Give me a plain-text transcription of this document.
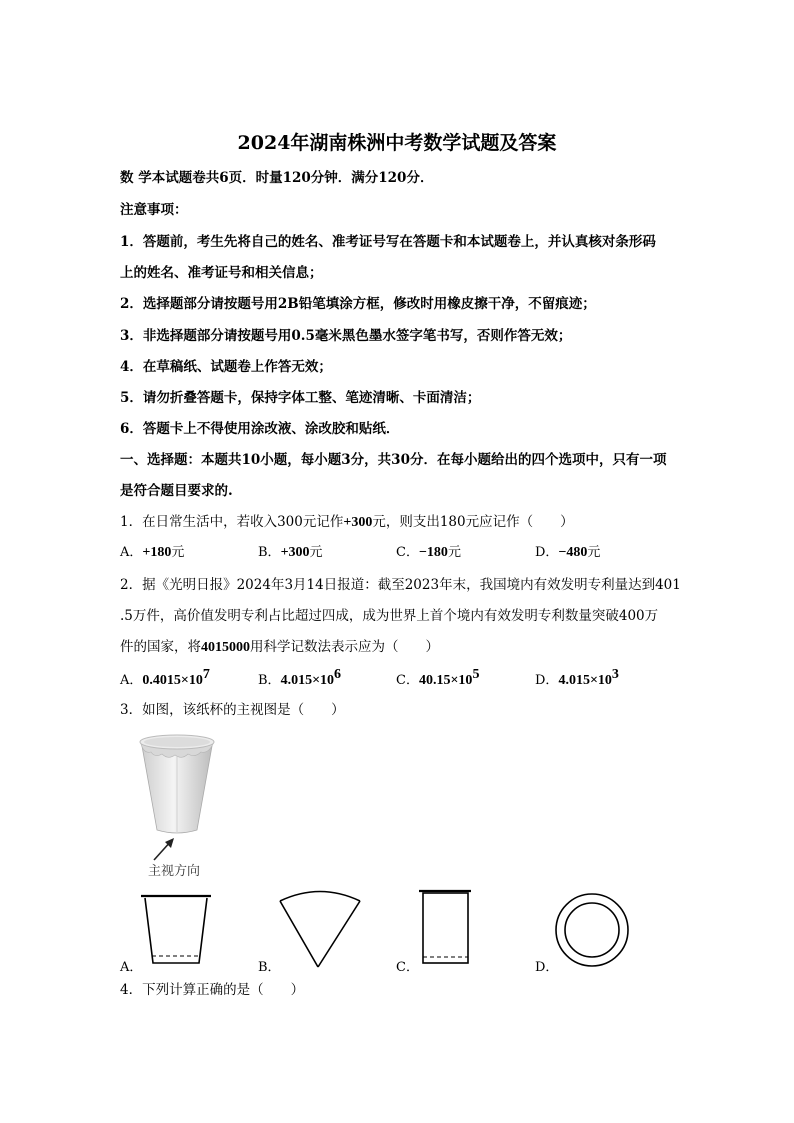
2024年湖南株洲中考数学试题及答案
数 学本试题卷共6页．时量120分钟．满分120分．
注意事项：
1．答题前，考生先将自己的姓名、准考证号写在答题卡和本试题卷上，并认真核对条形码
上的姓名、准考证号和相关信息；
2．选择题部分请按题号用2B铅笔填涂方框，修改时用橡皮擦干净，不留痕迹；
3．非选择题部分请按题号用0.5毫米黑色墨水签字笔书写，否则作答无效；
4．在草稿纸、试题卷上作答无效；
5．请勿折叠答题卡，保持字体工整、笔迹清晰、卡面清洁；
6．答题卡上不得使用涂改液、涂改胶和贴纸．
一、选择题：本题共10小题，每小题3分，共30分．在每小题给出的四个选项中，只有一项
是符合题目要求的.
1．在日常生活中，若收入300元记作+300元，则支出180元应记作（　　）
A．+180元	B．+300元	C．−180元	D．−480元
2．据《光明日报》2024年3月14日报道：截至2023年末，我国境内有效发明专利量达到401
.5万件，高价值发明专利占比超过四成，成为世界上首个境内有效发明专利数量突破400万
件的国家，将4015000用科学记数法表示应为（　　）
A．$0.4015\times 10^7$	B．$4.015\times 10^6$	C．$40.15\times 10^5$	D．$4.015\times 10^3$
3．如图，该纸杯的主视图是（　　）
主视方向
A．	B．	C．	D．
4．下列计算正确的是（　　）
